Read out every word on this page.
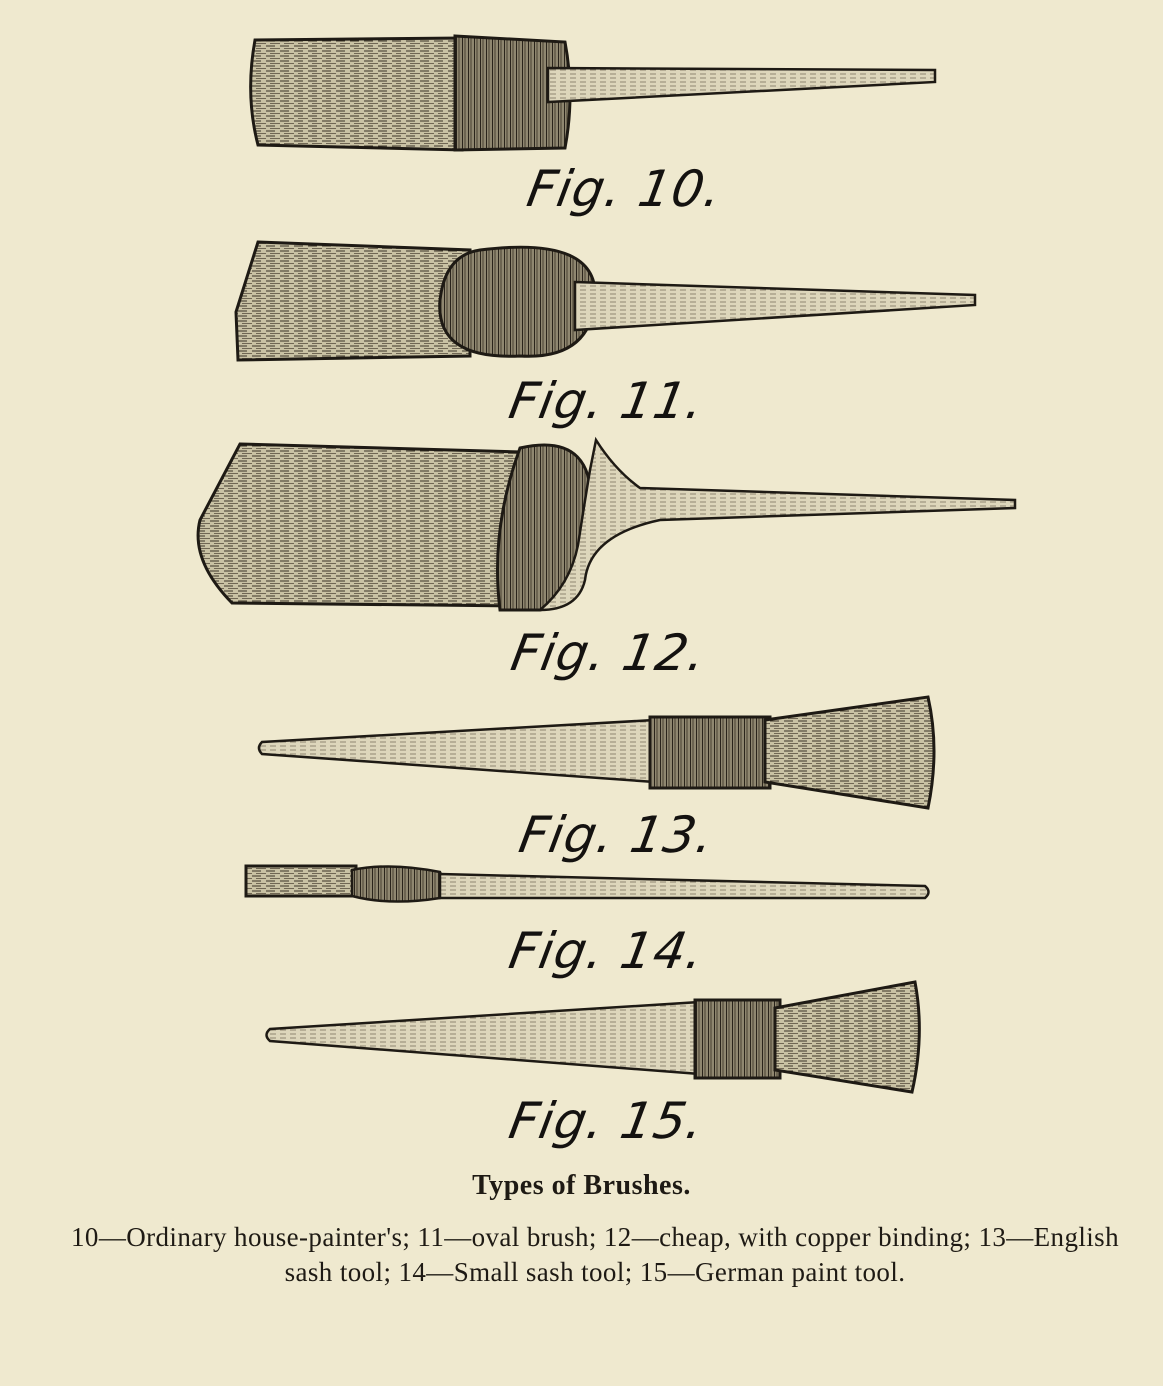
Fig. 10.
Fig. 11.
Fig. 12.
Fig. 13.
Fig. 14.
Fig. 15.
Types of Brushes.
10—Ordinary house-painter's; 11—oval brush; 12—cheap, with copper binding; 13—English sash tool; 14—Small sash tool; 15—German paint tool.
